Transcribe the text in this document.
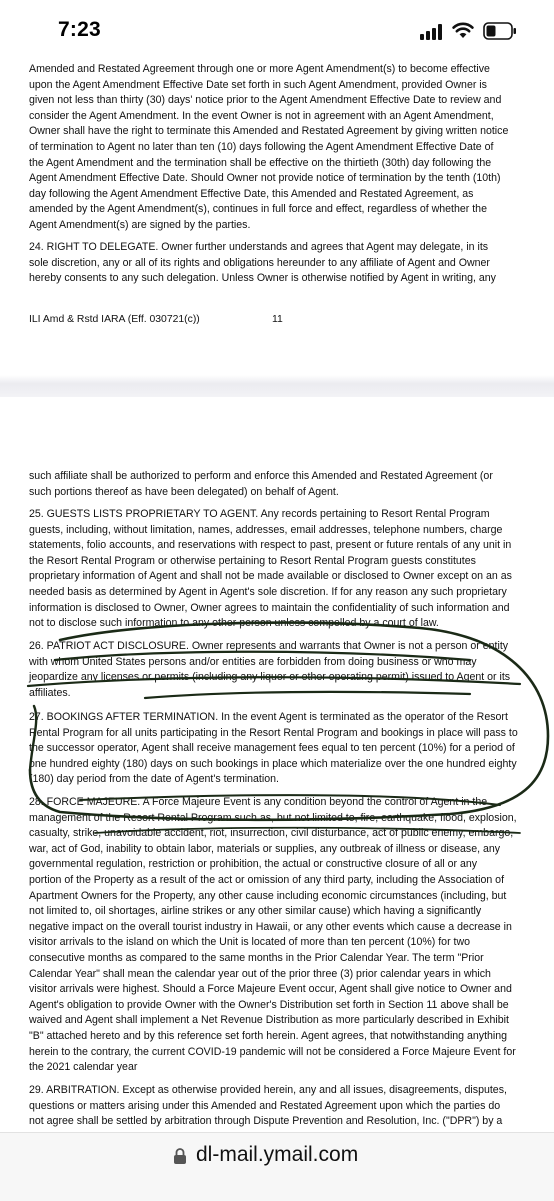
7:23
Amended and Restated Agreement through one or more Agent Amendment(s) to become effective
upon the Agent Amendment Effective Date set forth in such Agent Amendment, provided Owner is
given not less than thirty (30) days' notice prior to the Agent Amendment Effective Date to review and
consider the Agent Amendment. In the event Owner is not in agreement with an Agent Amendment,
Owner shall have the right to terminate this Amended and Restated Agreement by giving written notice
of termination to Agent no later than ten (10) days following the Agent Amendment Effective Date of
the Agent Amendment and the termination shall be effective on the thirtieth (30th) day following the
Agent Amendment Effective Date. Should Owner not provide notice of termination by the tenth (10th)
day following the Agent Amendment Effective Date, this Amended and Restated Agreement, as
amended by the Agent Amendment(s), continues in full force and effect, regardless of whether the
Agent Amendment(s) are signed by the parties.
24. RIGHT TO DELEGATE. Owner further understands and agrees that Agent may delegate, in its
sole discretion, any or all of its rights and obligations hereunder to any affiliate of Agent and Owner
hereby consents to any such delegation. Unless Owner is otherwise notified by Agent in writing, any
ILI Amd & Rstd IARA (Eff. 030721(c))	11
such affiliate shall be authorized to perform and enforce this Amended and Restated Agreement (or
such portions thereof as have been delegated) on behalf of Agent.
25. GUESTS LISTS PROPRIETARY TO AGENT. Any records pertaining to Resort Rental Program
guests, including, without limitation, names, addresses, email addresses, telephone numbers, charge
statements, folio accounts, and reservations with respect to past, present or future rentals of any unit in
the Resort Rental Program or otherwise pertaining to Resort Rental Program guests constitutes
proprietary information of Agent and shall not be made available or disclosed to Owner except on an as
needed basis as determined by Agent in Agent's sole discretion. If for any reason any such proprietary
information is disclosed to Owner, Owner agrees to maintain the confidentiality of such information and
not to disclose such information to any other person unless compelled by a court of law.
26. PATRIOT ACT DISCLOSURE. Owner represents and warrants that Owner is not a person or entity
with whom United States persons and/or entities are forbidden from doing business or who may
jeopardize any licenses or permits (including any liquor or other operating permit) issued to Agent or its
affiliates.
27. BOOKINGS AFTER TERMINATION. In the event Agent is terminated as the operator of the Resort
Rental Program for all units participating in the Resort Rental Program and bookings in place will pass to
the successor operator, Agent shall receive management fees equal to ten percent (10%) for a period of
one hundred eighty (180) days on such bookings in place which materialize over the one hundred eighty
(180) day period from the date of Agent's termination.
28. FORCE MAJEURE. A Force Majeure Event is any condition beyond the control of Agent in the
management of the Resort Rental Program such as, but not limited to, fire, earthquake, flood, explosion,
casualty, strike, unavoidable accident, riot, insurrection, civil disturbance, act of public enemy, embargo,
war, act of God, inability to obtain labor, materials or supplies, any outbreak of illness or disease, any
governmental regulation, restriction or prohibition, the actual or constructive closure of all or any
portion of the Property as a result of the act or omission of any third party, including the Association of
Apartment Owners for the Property, any other cause including economic circumstances (including, but
not limited to, oil shortages, airline strikes or any other similar cause) which having a significantly
negative impact on the overall tourist industry in Hawaii, or any other events which cause a decrease in
visitor arrivals to the island on which the Unit is located of more than ten percent (10%) for two
consecutive months as compared to the same months in the Prior Calendar Year. The term "Prior
Calendar Year" shall mean the calendar year out of the prior three (3) prior calendar years in which
visitor arrivals were highest. Should a Force Majeure Event occur, Agent shall give notice to Owner and
Agent's obligation to provide Owner with the Owner's Distribution set forth in Section 11 above shall be
waived and Agent shall implement a Net Revenue Distribution as more particularly described in Exhibit
"B" attached hereto and by this reference set forth herein. Agent agrees, that notwithstanding anything
herein to the contrary, the current COVID-19 pandemic will not be considered a Force Majeure Event for
the 2021 calendar year
29. ARBITRATION. Except as otherwise provided herein, any and all issues, disagreements, disputes,
questions or matters arising under this Amended and Restated Agreement upon which the parties do
not agree shall be settled by arbitration through Dispute Prevention and Resolution, Inc. ("DPR") by a
dl-mail.ymail.com
